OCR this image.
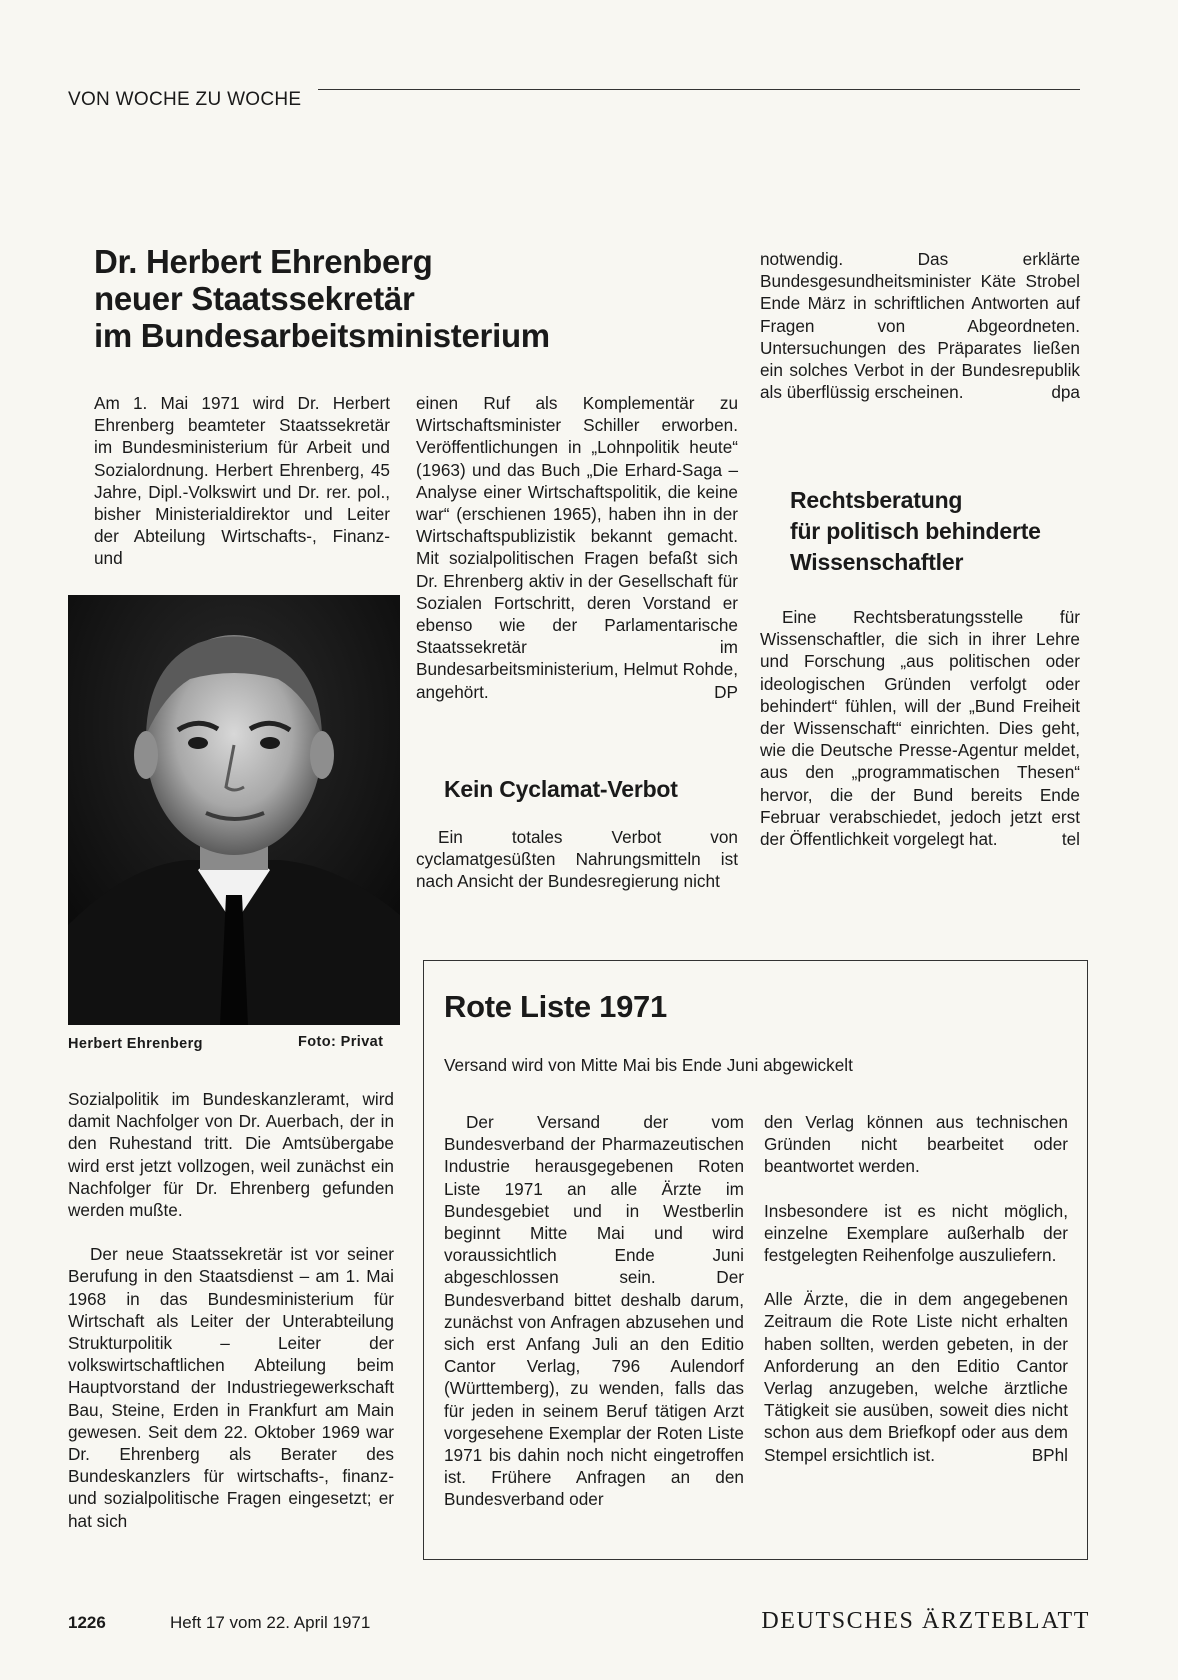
VON WOCHE ZU WOCHE

Dr. Herbert Ehrenberg

neuer Staatssekretär

im Bundesarbeitsministerium

Am 1. Mai 1971 wird Dr. Herbert Ehrenberg beamteter Staatssekretär im Bundesministerium für Arbeit und Sozialordnung. Herbert Ehrenberg, 45 Jahre, Dipl.-Volkswirt und Dr. rer. pol., bisher Ministerialdirektor und Leiter der Abteilung Wirtschafts-, Finanz- und

Herbert Ehrenberg	Foto: Privat

Sozialpolitik im Bundeskanzleramt, wird damit Nachfolger von Dr. Auerbach, der in den Ruhestand tritt. Die Amtsübergabe wird erst jetzt vollzogen, weil zunächst ein Nachfolger für Dr. Ehrenberg gefunden werden mußte.

Der neue Staatssekretär ist vor seiner Berufung in den Staatsdienst – am 1. Mai 1968 in das Bundesministerium für Wirtschaft als Leiter der Unterabteilung Strukturpolitik – Leiter der volkswirtschaftlichen Abteilung beim Hauptvorstand der Industriegewerkschaft Bau, Steine, Erden in Frankfurt am Main gewesen. Seit dem 22. Oktober 1969 war Dr. Ehrenberg als Berater des Bundeskanzlers für wirtschafts-, finanz- und sozialpolitische Fragen eingesetzt; er hat sich

einen Ruf als Komplementär zu Wirtschaftsminister Schiller erworben. Veröffentlichungen in „Lohnpolitik heute“ (1963) und das Buch „Die Erhard-Saga – Analyse einer Wirtschaftspolitik, die keine war“ (erschienen 1965), haben ihn in der Wirtschaftspublizistik bekannt gemacht. Mit sozialpolitischen Fragen befaßt sich Dr. Ehrenberg aktiv in der Gesellschaft für Sozialen Fortschritt, deren Vorstand er ebenso wie der Parlamentarische Staatssekretär im Bundesarbeitsministerium, Helmut Rohde, angehört.	DP

Kein Cyclamat-Verbot

Ein totales Verbot von cyclamatgesüßten Nahrungsmitteln ist nach Ansicht der Bundesregierung nicht

notwendig. Das erklärte Bundesgesundheitsminister Käte Strobel Ende März in schriftlichen Antworten auf Fragen von Abgeordneten. Untersuchungen des Präparates ließen ein solches Verbot in der Bundesrepublik als überflüssig erscheinen.	dpa

Rechtsberatung

für politisch behinderte

Wissenschaftler

Eine Rechtsberatungsstelle für Wissenschaftler, die sich in ihrer Lehre und Forschung „aus politischen oder ideologischen Gründen verfolgt oder behindert“ fühlen, will der „Bund Freiheit der Wissenschaft“ einrichten. Dies geht, wie die Deutsche Presse-Agentur meldet, aus den „programmatischen Thesen“ hervor, die der Bund bereits Ende Februar verabschiedet, jedoch jetzt erst der Öffentlichkeit vorgelegt hat.	tel

Rote Liste 1971

Versand wird von Mitte Mai bis Ende Juni abgewickelt

Der Versand der vom Bundesverband der Pharmazeutischen Industrie herausgegebenen Roten Liste 1971 an alle Ärzte im Bundesgebiet und in Westberlin beginnt Mitte Mai und wird voraussichtlich Ende Juni abgeschlossen sein. Der Bundesverband bittet deshalb darum, zunächst von Anfragen abzusehen und sich erst Anfang Juli an den Editio Cantor Verlag, 796 Aulendorf (Württemberg), zu wenden, falls das für jeden in seinem Beruf tätigen Arzt vorgesehene Exemplar der Roten Liste 1971 bis dahin noch nicht eingetroffen ist. Frühere Anfragen an den Bundesverband oder

den Verlag können aus technischen Gründen nicht bearbeitet oder beantwortet werden.

Insbesondere ist es nicht möglich, einzelne Exemplare außerhalb der festgelegten Reihenfolge auszuliefern.

Alle Ärzte, die in dem angegebenen Zeitraum die Rote Liste nicht erhalten haben sollten, werden gebeten, in der Anforderung an den Editio Cantor Verlag anzugeben, welche ärztliche Tätigkeit sie ausüben, soweit dies nicht schon aus dem Briefkopf oder aus dem Stempel ersichtlich ist.	BPhl

1226	Heft 17 vom 22. April 1971	DEUTSCHES ÄRZTEBLATT
